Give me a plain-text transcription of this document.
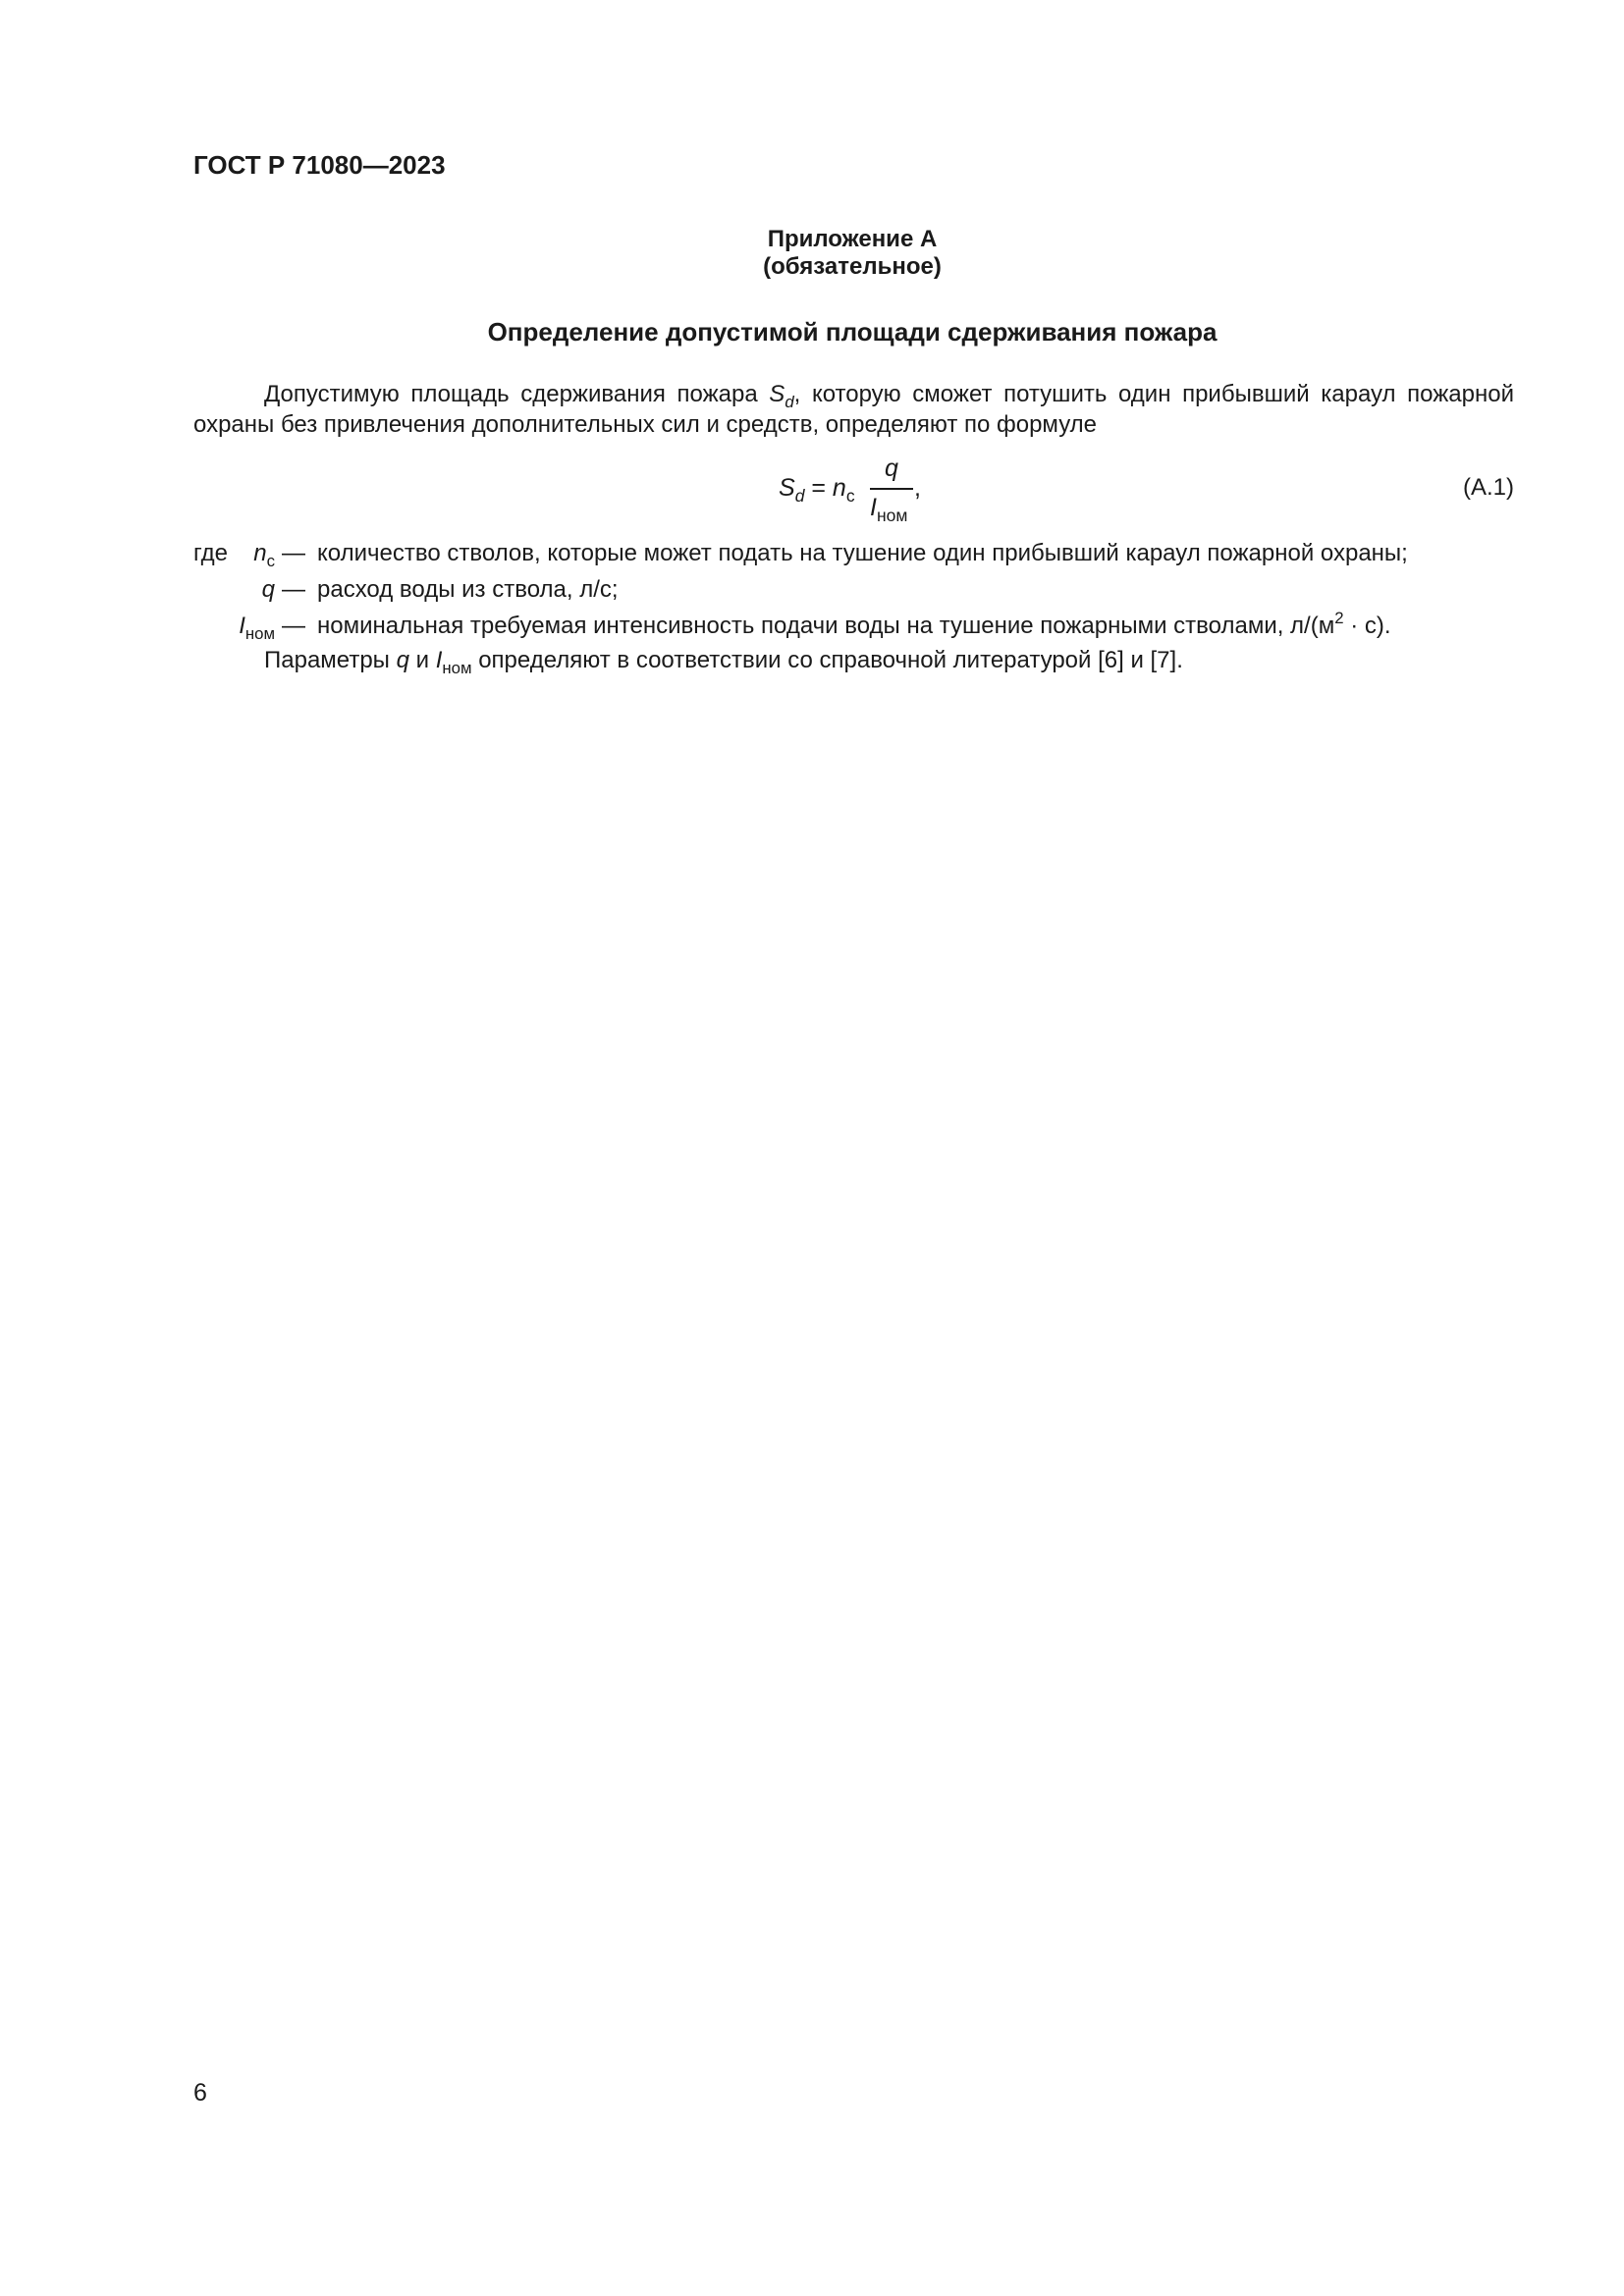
ГОСТ Р 71080—2023
Приложение А
(обязательное)
Определение допустимой площади сдерживания пожара
Допустимую площадь сдерживания пожара $S_d$, которую сможет потушить один прибывший караул пожарной охраны без привлечения дополнительных сил и средств, определяют по формуле
$S_d = n_с$
q
$I_{ном}$
,	(А.1)
где	$n_с$ — количество стволов, которые может подать на тушение один прибывший караул пожарной охраны;
q — расход воды из ствола, л/с;
$I_{ном}$ — номинальная требуемая интенсивность подачи воды на тушение пожарными стволами, $л/(м^2 \cdot с)$.
Параметры q и $I_{ном}$ определяют в соответствии со справочной литературой [6] и [7].
6
